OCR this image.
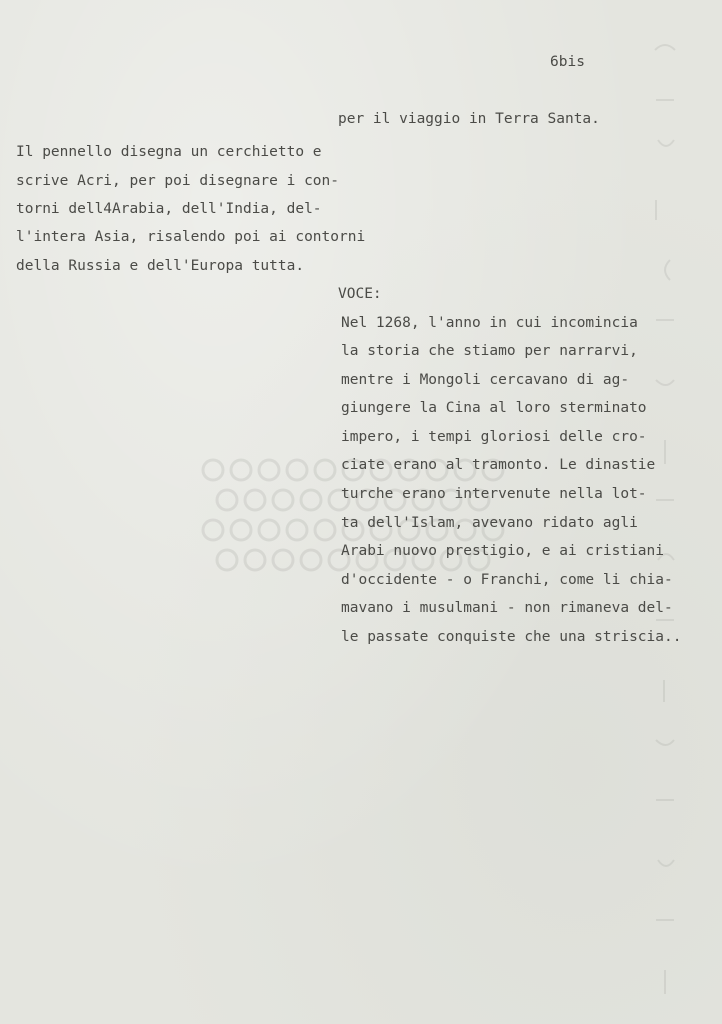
6bis
per il viaggio in Terra Santa.
Il pennello disegna un cerchietto e
scrive Acri, per poi disegnare i con-
torni dell4Arabia, dell'India, del-
l'intera Asia, risalendo poi ai contorni
della Russia e dell'Europa tutta.
VOCE:
Nel 1268, l'anno in cui incomincia
la storia che stiamo per narrarvi,
mentre i Mongoli cercavano di ag-
giungere la Cina al loro sterminato
impero, i tempi gloriosi delle cro-
ciate erano al tramonto. Le dinastie
turche erano intervenute nella lot-
ta dell'Islam, avevano ridato agli
Arabi nuovo prestigio, e ai cristiani
d'occidente - o Franchi, come li chia-
mavano i musulmani - non rimaneva del-
le passate conquiste che una striscia..
